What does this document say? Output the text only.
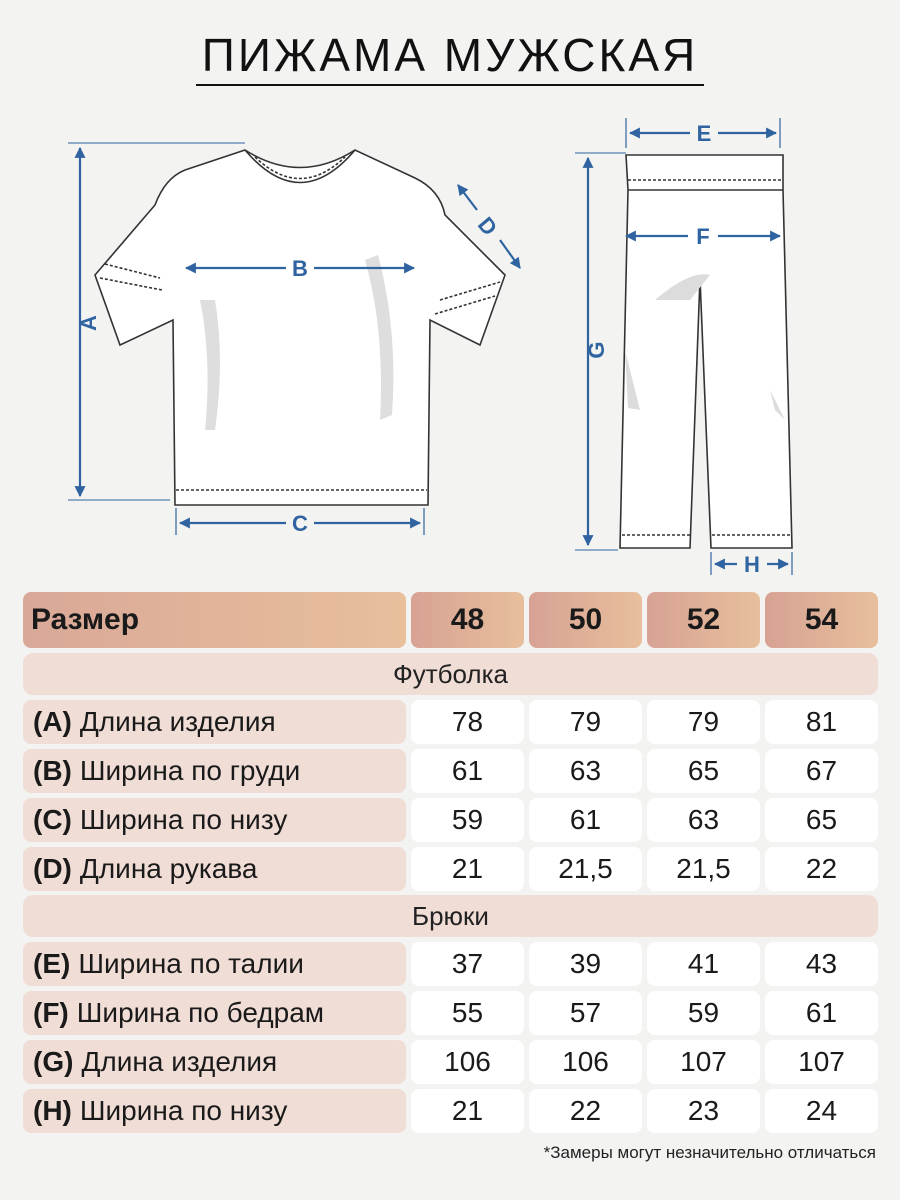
ПИЖАМА МУЖСКАЯ
A
B
C
D
E
F
G
H
Размер	48	50	52	54
Футболка
(A) Длина изделия	78	79	79	81
(B) Ширина по груди	61	63	65	67
(C) Ширина по низу	59	61	63	65
(D) Длина рукава	21	21,5	21,5	22
Брюки
(E) Ширина по талии	37	39	41	43
(F) Ширина по бедрам	55	57	59	61
(G) Длина изделия	106	106	107	107
(H) Ширина по низу	21	22	23	24
*Замеры могут незначительно отличаться
